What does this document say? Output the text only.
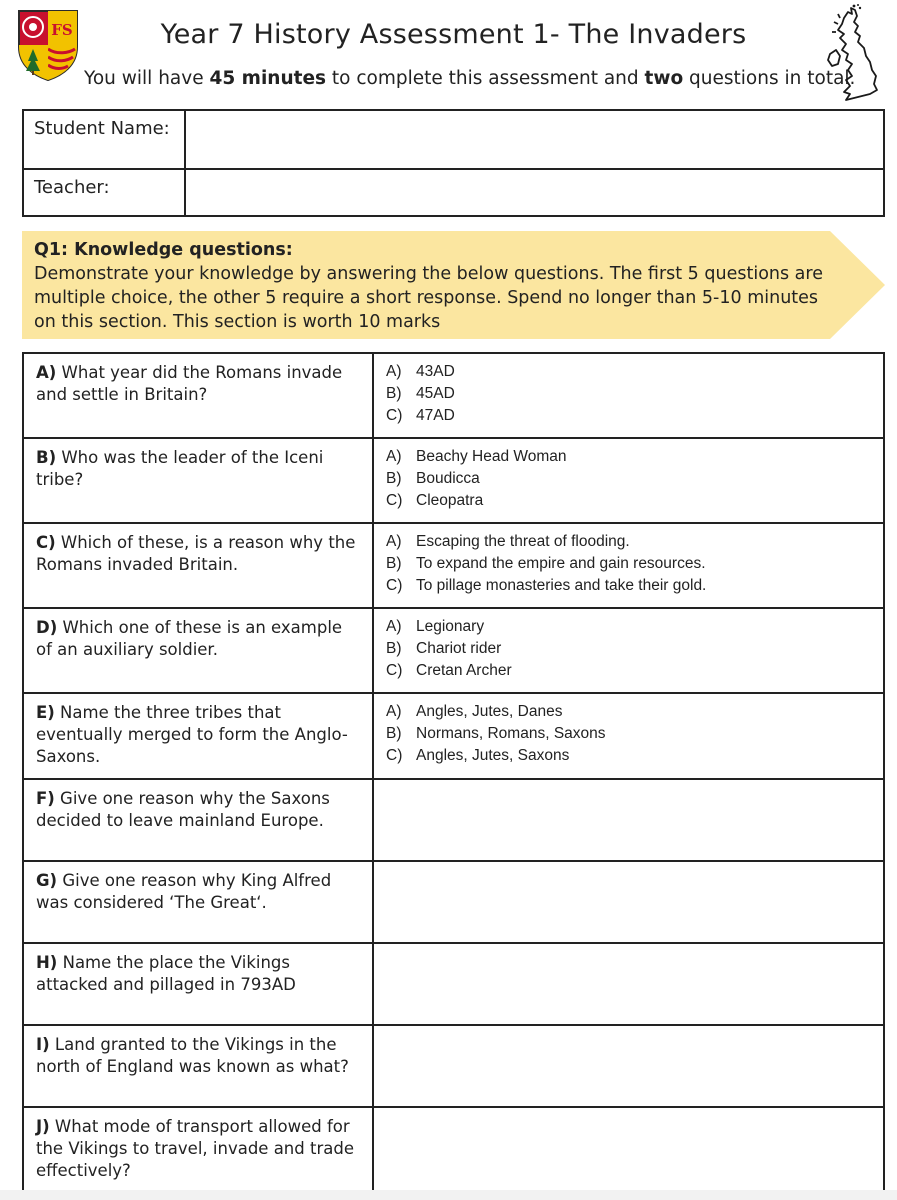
FS	Year 7 History Assessment 1- The Invaders
You will have 45 minutes to complete this assessment and two questions in total.
Student Name:	
Teacher:	
Q1: Knowledge questions:
Demonstrate your knowledge by answering the below questions. The first 5 questions are multiple choice, the other 5 require a short response. Spend no longer than 5-10 minutes on this section. This section is worth 10 marks
A) What year did the Romans invade and settle in Britain?	A) 43AD
B) 45AD
C) 47AD

B) Who was the leader of the Iceni tribe?	A) Beachy Head Woman
B) Boudicca
C) Cleopatra

C) Which of these, is a reason why the Romans invaded Britain.	A) Escaping the threat of flooding.
B) To expand the empire and gain resources.
C) To pillage monasteries and take their gold.

D) Which one of these is an example of an auxiliary soldier.	A) Legionary
B) Chariot rider
C) Cretan Archer

E) Name the three tribes that eventually merged to form the Anglo-Saxons.	A) Angles, Jutes, Danes
B) Normans, Romans, Saxons
C) Angles, Jutes, Saxons

F) Give one reason why the Saxons decided to leave mainland Europe.	
G) Give one reason why King Alfred was considered ‘The Great‘.	
H) Name the place the Vikings attacked and pillaged in 793AD	
I) Land granted to the Vikings in the north of England was known as what?	
J) What mode of transport allowed for the Vikings to travel, invade and trade effectively?	
